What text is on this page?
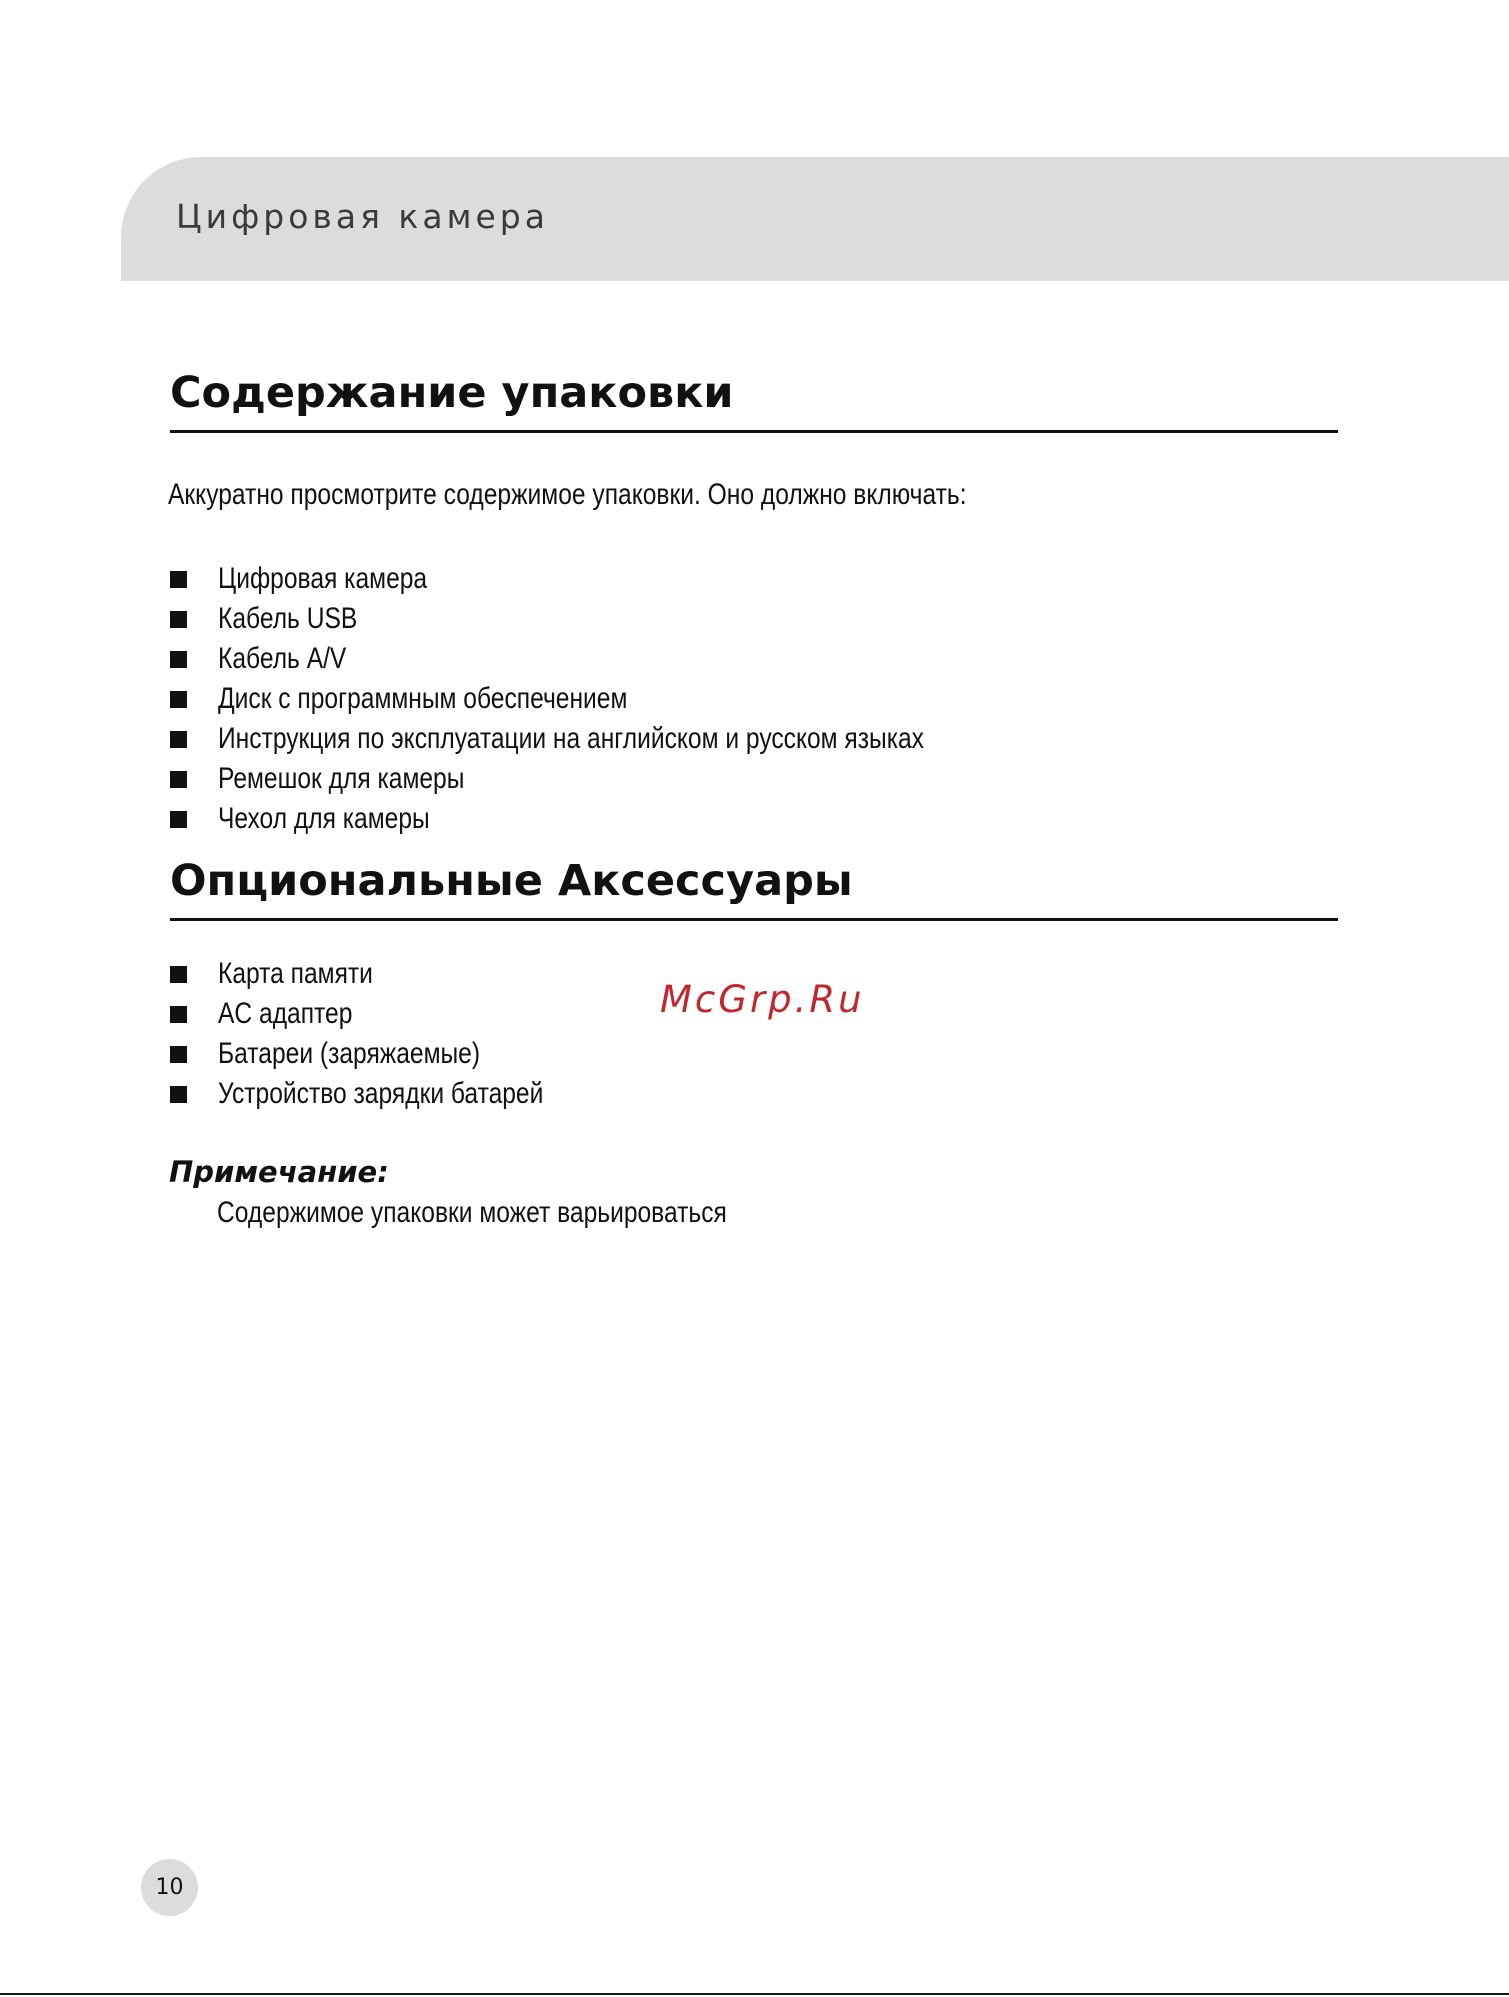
Цифровая камера
Содержание упаковки

Аккуратно просмотрите содержимое упаковки. Оно должно включать:

Цифровая камера
Кабель USB
Кабель A/V
Диск с программным обеспечением
Инструкция по эксплуатации на английском и русском языках
Ремешок для камеры
Чехол для камеры
Опциональные Аксессуары
Карта памяти
AC адаптер
Батареи (заряжаемые)
Устройство зарядки батарей
McGrp.Ru

Примечание:

Содержимое упаковки может варьироваться

10
